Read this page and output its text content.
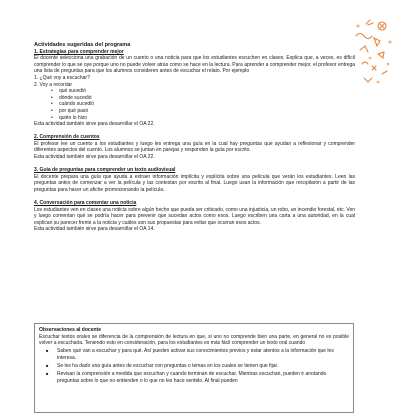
Actividades sugeridas del programa

1. Estrategias para comprender mejor

El docente selecciona una grabación de un cuento o una noticia para que los estudiantes escuchen en clases. Explica que, a veces, es difícil comprender lo que se oye porque uno no puede volver atrás como se hace en la lectura. Para aprender a comprender mejor, el profesor entrega una lista de preguntas para que los alumnos consideren antes de escuchar el relato. Por ejemplo

1. ¿Qué voy a escuchar?
2. Voy a recordar
• qué sucedió
• dónde sucedió
• cuándo sucedió
• por qué pasó
• quién lo hizo

Esta actividad también sirve para desarrollar el OA 22.

2. Comprensión de cuentos

El profesor lee un cuento a los estudiantes y luego les entrega una guía en la cual hay preguntas que ayudan a reflexionar y comprender diferentes aspectos del cuento. Los alumnos se juntan en parejas y responden la guía por escrito.

Esta actividad también sirve para desarrollar el OA 22.

3. Guía de preguntas para comprender un texto audiovisual

El docente prepara una guía que ayuda a extraer información implícita y explícita sobre una película que verán los estudiantes. Leen las preguntas antes de comenzar a ver la película y las contestan por escrito al final. Luego usan la información que recopilaron a partir de las preguntas para hacer un afiche promocionando la película.

4. Conversación para comentar una noticia

Los estudiantes ven en clases una noticia sobre algún hecho que pueda ser criticado, como una injusticia, un robo, un incendio forestal, etc. Ven y luego comentan qué se podría hacer para prevenir que sucedan actos como esos. Luego escriben una carta a una autoridad, en la cual explican su parecer frente a la noticia y cuáles son sus propuestas para evitar que ocurran esos actos.

Esta actividad también sirve para desarrollar el OA 14.

Observaciones al docente

Escuchar textos orales se diferencia de la comprensión de lectura en que, si uno no comprende bien una parte, en general no es posible volver a escucharla. Teniendo esto en consideración, para los estudiantes es más fácil comprender un texto oral cuando

■ Saben qué van a escuchar y para qué. Así pueden activar sus conocimientos previos y estar atentos a la información que les interesa.
■ Se les ha dado una guía antes de escuchar con preguntas o temas en los cuales se tienen que fijar.
■ Revisan la comprensión a medida que escuchan y cuando terminan de escuchar. Mientras escuchan, pueden ir anotando preguntas sobre lo que no entienden o lo que no les hace sentido. Al final pueden
